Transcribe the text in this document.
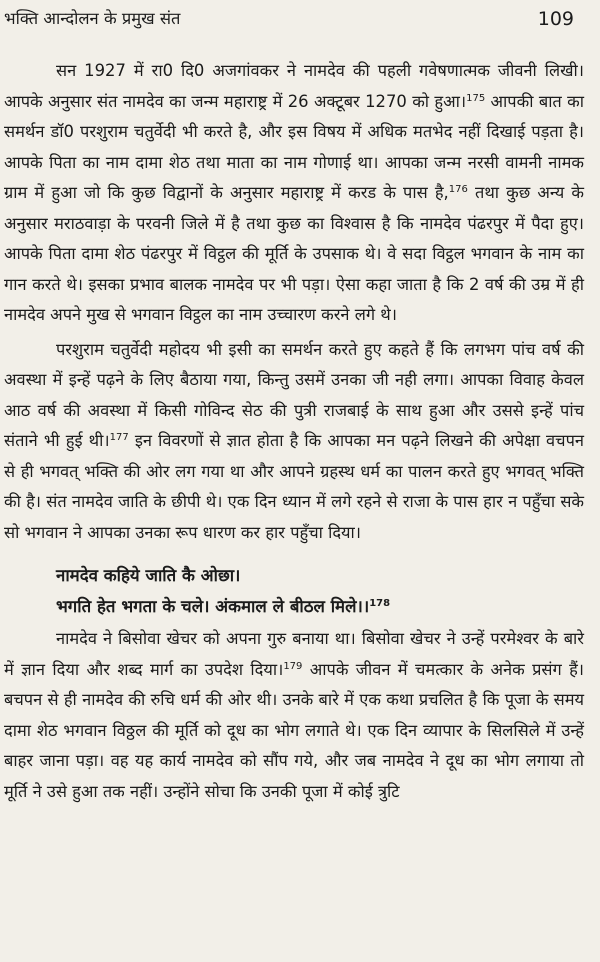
भक्ति आन्दोलन के प्रमुख संत	109

सन 1927 में रा0 दि0 अजगांवकर ने नामदेव की पहली गवेषणात्मक जीवनी लिखी। आपके अनुसार संत नामदेव का जन्म महाराष्ट्र में 26 अक्टूबर 1270 को हुआ।$^{175}$ आपकी बात का समर्थन डॉ0 परशुराम चतुर्वेदी भी करते है, और इस विषय में अधिक मतभेद नहीं दिखाई पड़ता है। आपके पिता का नाम दामा शेठ तथा माता का नाम गोणाई था। आपका जन्म नरसी वामनी नामक ग्राम में हुआ जो कि कुछ विद्वानों के अनुसार महाराष्ट्र में करड के पास है,$^{176}$ तथा कुछ अन्य के अनुसार मराठवाड़ा के परवनी जिले में है तथा कुछ का विश्वास है कि नामदेव पंढरपुर में पैदा हुए। आपके पिता दामा शेठ पंढरपुर में विट्ठल की मूर्ति के उपसाक थे। वे सदा विट्ठल भगवान के नाम का गान करते थे। इसका प्रभाव बालक नामदेव पर भी पड़ा। ऐसा कहा जाता है कि 2 वर्ष की उम्र में ही नामदेव अपने मुख से भगवान विट्ठल का नाम उच्चारण करने लगे थे।

परशुराम चतुर्वेदी महोदय भी इसी का समर्थन करते हुए कहते हैं कि लगभग पांच वर्ष की अवस्था में इन्हें पढ़ने के लिए बैठाया गया, किन्तु उसमें उनका जी नही लगा। आपका विवाह केवल आठ वर्ष की अवस्था में किसी गोविन्द सेठ की पुत्री राजबाई के साथ हुआ और उससे इन्हें पांच संताने भी हुई थी।$^{177}$ इन विवरणों से ज्ञात होता है कि आपका मन पढ़ने लिखने की अपेक्षा वचपन से ही भगवत् भक्ति की ओर लग गया था और आपने ग्रहस्थ धर्म का पालन करते हुए भगवत् भक्ति की है। संत नामदेव जाति के छीपी थे। एक दिन ध्यान में लगे रहने से राजा के पास हार न पहुँचा सके सो भगवान ने आपका उनका रूप धारण कर हार पहुँचा दिया।

नामदेव कहिये जाति कै ओछा।
भगति हेत भगता के चले। अंकमाल ले बीठल मिले।।$^{178}$

नामदेव ने बिसोवा खेचर को अपना गुरु बनाया था। बिसोवा खेचर ने उन्हें परमेश्वर के बारे में ज्ञान दिया और शब्द मार्ग का उपदेश दिया।$^{179}$ आपके जीवन में चमत्कार के अनेक प्रसंग हैं। बचपन से ही नामदेव की रुचि धर्म की ओर थी। उनके बारे में एक कथा प्रचलित है कि पूजा के समय दामा शेठ भगवान विठ्ठल की मूर्ति को दूध का भोग लगाते थे। एक दिन व्यापार के सिलसिले में उन्हें बाहर जाना पड़ा। वह यह कार्य नामदेव को सौंप गये, और जब नामदेव ने दूध का भोग लगाया तो मूर्ति ने उसे हुआ तक नहीं। उन्होंने सोचा कि उनकी पूजा में कोई त्रुटि
